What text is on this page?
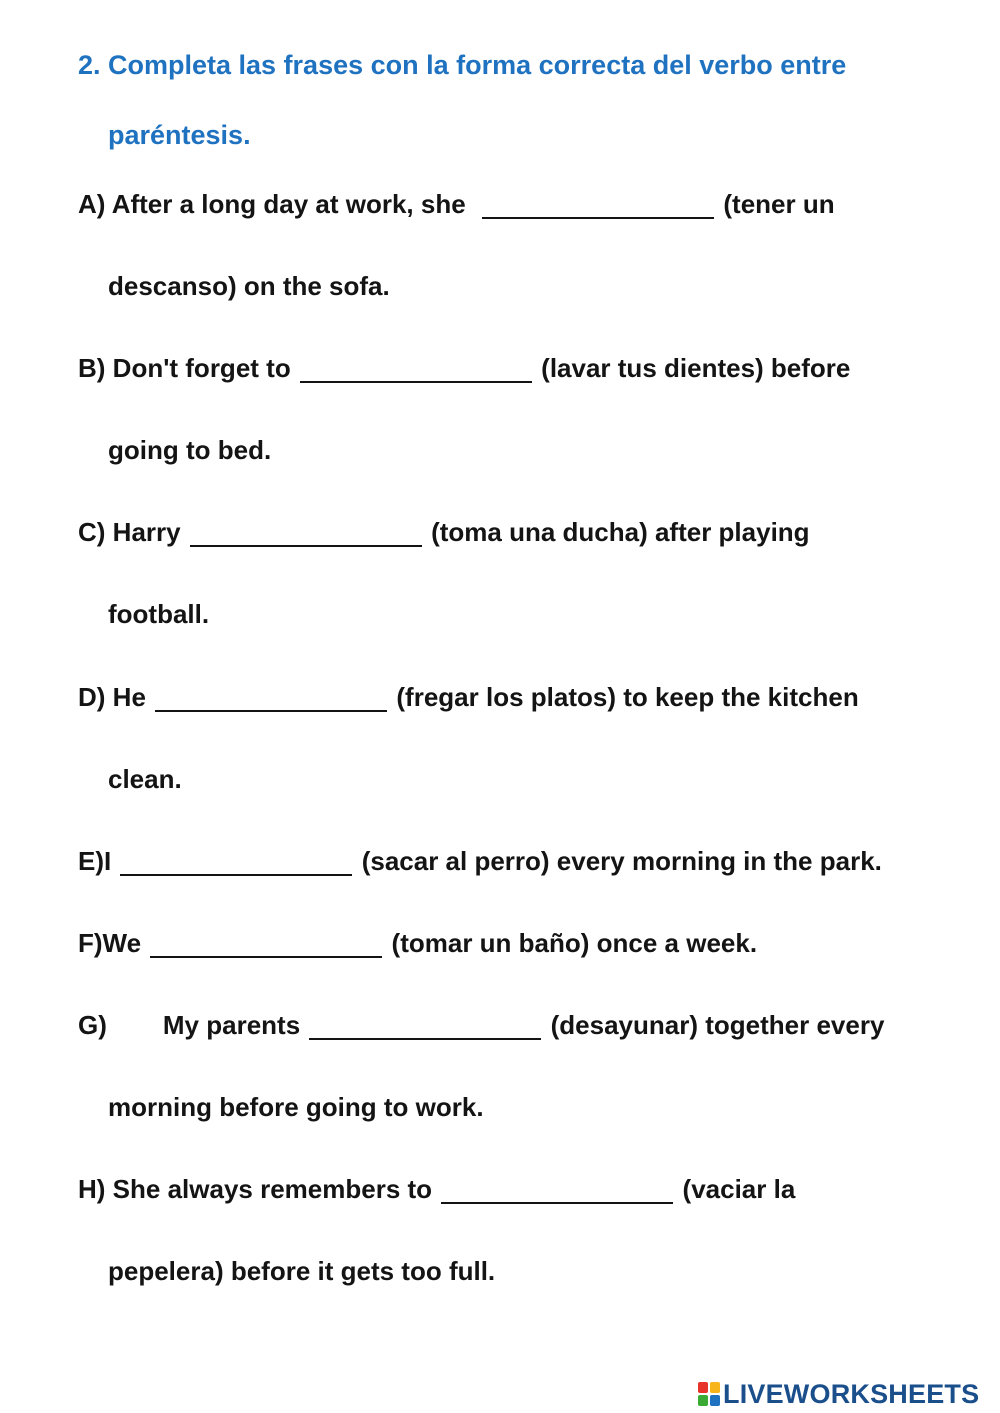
2. Completa las frases con la forma correcta del verbo entre
paréntesis.
A) After a long day at work, she	(tener un
descanso) on the sofa.
B) Don't forget to	(lavar tus dientes) before
going to bed.
C) Harry	(toma una ducha) after playing
football.
D) He	(fregar los platos) to keep the kitchen
clean.
E)I	(sacar al perro) every morning in the park.
F)We	(tomar un baño) once a week.
G) My parents	(desayunar) together every
morning before going to work.
H) She always remembers to	(vaciar la
pepelera) before it gets too full.
LIVEWORKSHEETS
